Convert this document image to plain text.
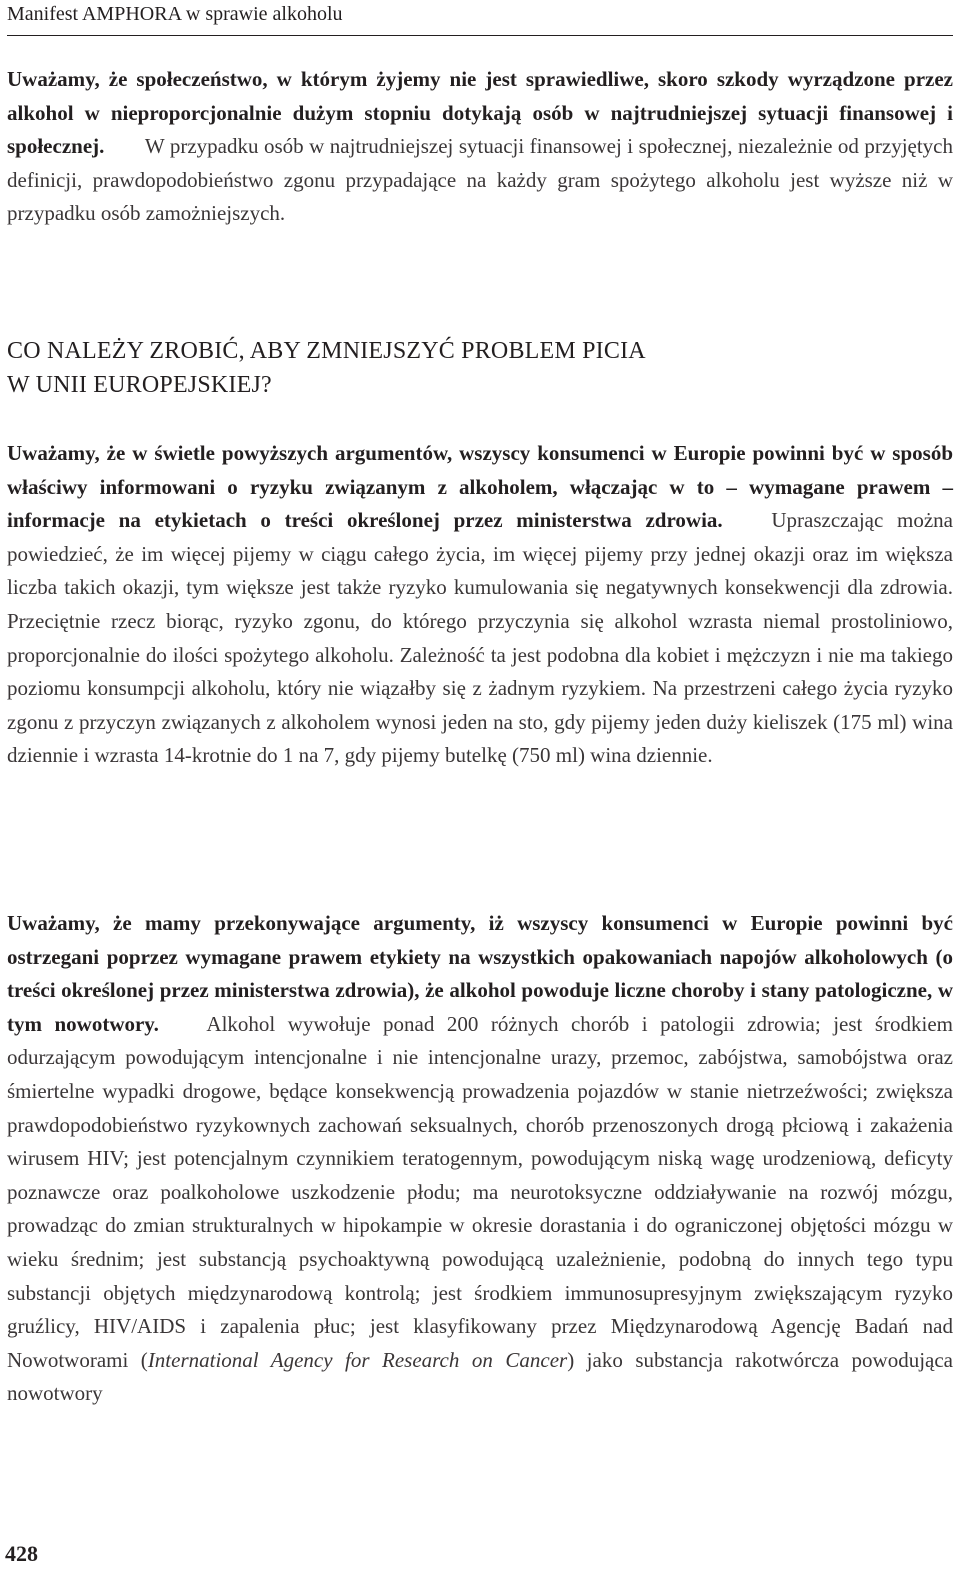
Manifest AMPHORA w sprawie alkoholu

Uważamy, że społeczeństwo, w którym żyjemy nie jest sprawiedliwe, skoro szkody wyrządzone przez alkohol w nieproporcjonalnie dużym stopniu dotykają osób w najtrudniejszej sytuacji finansowej i społecznej. W przypadku osób w najtrudniejszej sytuacji finansowej i społecznej, niezależnie od przyjętych definicji, prawdopodobieństwo zgonu przypadające na każdy gram spożytego alkoholu jest wyższe niż w przypadku osób zamożniejszych.

CO NALEŻY ZROBIĆ, ABY ZMNIEJSZYĆ PROBLEM PICIA
W UNII EUROPEJSKIEJ?

Uważamy, że w świetle powyższych argumentów, wszyscy konsumenci w Europie powinni być w sposób właściwy informowani o ryzyku związanym z alkoholem, włączając w to – wymagane prawem – informacje na etykietach o treści określonej przez ministerstwa zdrowia. Upraszczając można powiedzieć, że im więcej pijemy w ciągu całego życia, im więcej pijemy przy jednej okazji oraz im większa liczba takich okazji, tym większe jest także ryzyko kumulowania się negatywnych konsekwencji dla zdrowia. Przeciętnie rzecz biorąc, ryzyko zgonu, do którego przyczynia się alkohol wzrasta niemal prostoliniowo, proporcjonalnie do ilości spożytego alkoholu. Zależność ta jest podobna dla kobiet i mężczyzn i nie ma takiego poziomu konsumpcji alkoholu, który nie wiązałby się z żadnym ryzykiem. Na przestrzeni całego życia ryzyko zgonu z przyczyn związanych z alkoholem wynosi jeden na sto, gdy pijemy jeden duży kieliszek (175 ml) wina dziennie i wzrasta 14-krotnie do 1 na 7, gdy pijemy butelkę (750 ml) wina dziennie.

Uważamy, że mamy przekonywające argumenty, iż wszyscy konsumenci w Europie powinni być ostrzegani poprzez wymagane prawem etykiety na wszystkich opakowaniach napojów alkoholowych (o treści określonej przez ministerstwa zdrowia), że alkohol powoduje liczne choroby i stany patologiczne, w tym nowotwory. Alkohol wywołuje ponad 200 różnych chorób i patologii zdrowia; jest środkiem odurzającym powodującym intencjonalne i nie intencjonalne urazy, przemoc, zabójstwa, samobójstwa oraz śmiertelne wypadki drogowe, będące konsekwencją prowadzenia pojazdów w stanie nietrzeźwości; zwiększa prawdopodobieństwo ryzykownych zachowań seksualnych, chorób przenoszonych drogą płciową i zakażenia wirusem HIV; jest potencjalnym czynnikiem teratogennym, powodującym niską wagę urodzeniową, deficyty poznawcze oraz poalkoholowe uszkodzenie płodu; ma neurotoksyczne oddziaływanie na rozwój mózgu, prowadząc do zmian strukturalnych w hipokampie w okresie dorastania i do ograniczonej objętości mózgu w wieku średnim; jest substancją psychoaktywną powodującą uzależnienie, podobną do innych tego typu substancji objętych międzynarodową kontrolą; jest środkiem immunosupresyjnym zwiększającym ryzyko gruźlicy, HIV/AIDS i zapalenia płuc; jest klasyfikowany przez Międzynarodową Agencję Badań nad Nowotworami (International Agency for Research on Cancer) jako substancja rakotwórcza powodująca nowotwory

428
